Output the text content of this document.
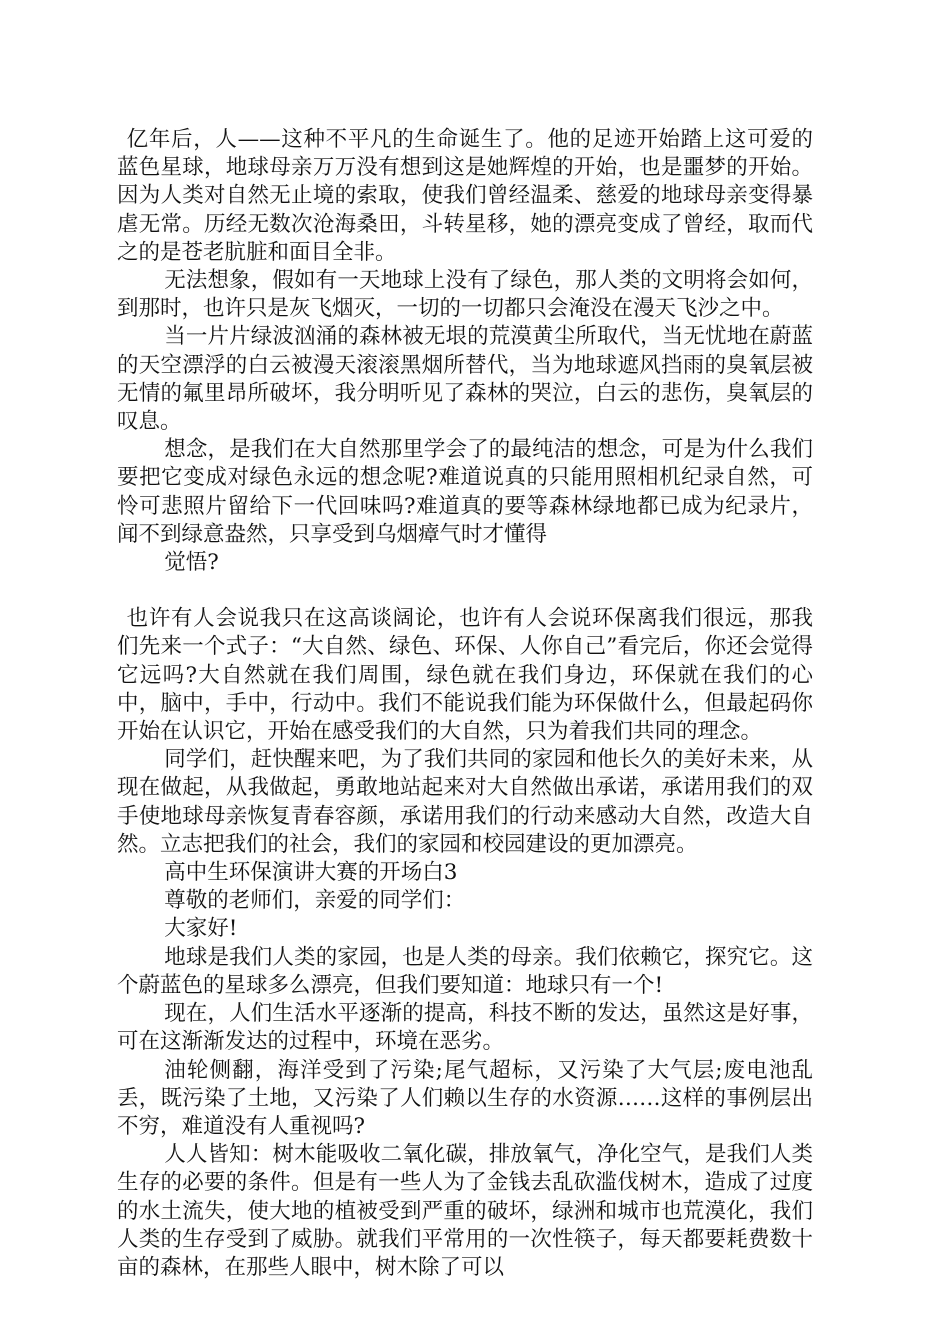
亿年后，人——这种不平凡的生命诞生了。他的足迹开始踏上这可爱的蓝色星球，地球母亲万万没有想到这是她辉煌的开始，也是噩梦的开始。因为人类对自然无止境的索取，使我们曾经温柔、慈爱的地球母亲变得暴虐无常。历经无数次沧海桑田，斗转星移，她的漂亮变成了曾经，取而代之的是苍老肮脏和面目全非。

无法想象，假如有一天地球上没有了绿色，那人类的文明将会如何，到那时，也许只是灰飞烟灭，一切的一切都只会淹没在漫天飞沙之中。

当一片片绿波汹涌的森林被无垠的荒漠黄尘所取代，当无忧地在蔚蓝的天空漂浮的白云被漫天滚滚黑烟所替代，当为地球遮风挡雨的臭氧层被无情的氟里昂所破坏，我分明听见了森林的哭泣，白云的悲伤，臭氧层的叹息。

想念，是我们在大自然那里学会了的最纯洁的想念，可是为什么我们要把它变成对绿色永远的想念呢?难道说真的只能用照相机纪录自然，可怜可悲照片留给下一代回味吗?难道真的要等森林绿地都已成为纪录片，闻不到绿意盎然，只享受到乌烟瘴气时才懂得

觉悟?

也许有人会说我只在这高谈阔论，也许有人会说环保离我们很远，那我们先来一个式子：“大自然、绿色、环保、人你自己”看完后，你还会觉得它远吗?大自然就在我们周围，绿色就在我们身边，环保就在我们的心中，脑中，手中，行动中。我们不能说我们能为环保做什么，但最起码你开始在认识它，开始在感受我们的大自然，只为着我们共同的理念。

同学们，赶快醒来吧，为了我们共同的家园和他长久的美好未来，从现在做起，从我做起，勇敢地站起来对大自然做出承诺，承诺用我们的双手使地球母亲恢复青春容颜，承诺用我们的行动来感动大自然，改造大自然。立志把我们的社会，我们的家园和校园建设的更加漂亮。

高中生环保演讲大赛的开场白3

尊敬的老师们，亲爱的同学们：

大家好!

地球是我们人类的家园，也是人类的母亲。我们依赖它，探究它。这个蔚蓝色的星球多么漂亮，但我们要知道：地球只有一个!

现在，人们生活水平逐渐的提高，科技不断的发达，虽然这是好事，可在这渐渐发达的过程中，环境在恶劣。

油轮侧翻，海洋受到了污染;尾气超标，又污染了大气层;废电池乱丢，既污染了土地，又污染了人们赖以生存的水资源……这样的事例层出不穷，难道没有人重视吗?

人人皆知：树木能吸收二氧化碳，排放氧气，净化空气，是我们人类生存的必要的条件。但是有一些人为了金钱去乱砍滥伐树木，造成了过度的水土流失，使大地的植被受到严重的破坏，绿洲和城市也荒漠化，我们人类的生存受到了威胁。就我们平常用的一次性筷子，每天都要耗费数十亩的森林，在那些人眼中，树木除了可以
